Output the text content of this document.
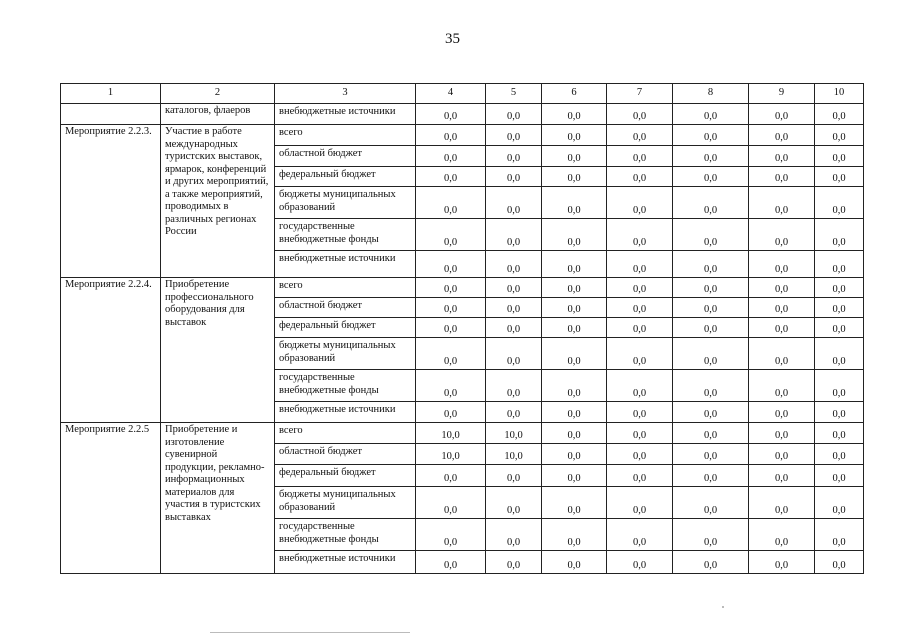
35
1	2	3	4	5	6	7	8	9	10
	каталогов, флаеров	внебюджетные источники	0,0	0,0	0,0	0,0	0,0	0,0	0,0
Мероприятие 2.2.3.	Участие в работе международных туристских выставок, ярмарок, конференций и других мероприятий, а также мероприятий, проводимых в различных регионах России	всего	0,0	0,0	0,0	0,0	0,0	0,0	0,0
		областной бюджет	0,0	0,0	0,0	0,0	0,0	0,0	0,0
		федеральный бюджет	0,0	0,0	0,0	0,0	0,0	0,0	0,0
		бюджеты муниципальных образований	0,0	0,0	0,0	0,0	0,0	0,0	0,0
		государственные внебюджетные фонды	0,0	0,0	0,0	0,0	0,0	0,0	0,0
		внебюджетные источники	0,0	0,0	0,0	0,0	0,0	0,0	0,0
Мероприятие 2.2.4.	Приобретение профессионального оборудования для выставок	всего	0,0	0,0	0,0	0,0	0,0	0,0	0,0
		областной бюджет	0,0	0,0	0,0	0,0	0,0	0,0	0,0
		федеральный бюджет	0,0	0,0	0,0	0,0	0,0	0,0	0,0
		бюджеты муниципальных образований	0,0	0,0	0,0	0,0	0,0	0,0	0,0
		государственные внебюджетные фонды	0,0	0,0	0,0	0,0	0,0	0,0	0,0
		внебюджетные источники	0,0	0,0	0,0	0,0	0,0	0,0	0,0
Мероприятие 2.2.5	Приобретение и изготовление сувенирной продукции, рекламно-информационных материалов для участия в туристских выставках	всего	10,0	10,0	0,0	0,0	0,0	0,0	0,0
		областной бюджет	10,0	10,0	0,0	0,0	0,0	0,0	0,0
		федеральный бюджет	0,0	0,0	0,0	0,0	0,0	0,0	0,0
		бюджеты муниципальных образований	0,0	0,0	0,0	0,0	0,0	0,0	0,0
		государственные внебюджетные фонды	0,0	0,0	0,0	0,0	0,0	0,0	0,0
		внебюджетные источники	0,0	0,0	0,0	0,0	0,0	0,0	0,0
